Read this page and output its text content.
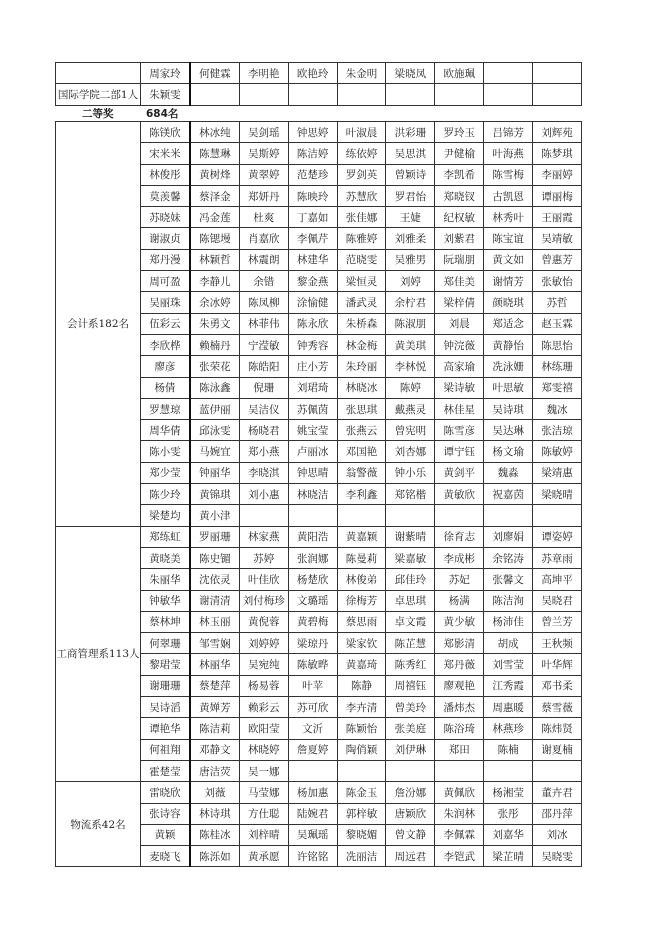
	周家玲	何健霖	李明艳	欧艳玲	朱金明	梁晓凤	欧施珮		
国际学院二部1人	朱颖雯								
二等奖	684名
会计系182名	陈镁欣	林冰纯	吴剑瑶	钟思婷	叶淑晨	洪彩珊	罗玲玉	吕锦芳	刘辉苑
	宋米米	陈慧琳	吴斯婷	陈洁婷	练依婷	吴思淇	尹健榆	叶海燕	陈梦琪
	林俊彤	黄树烽	黄翠婷	范楚珍	罗剑英	曾颖诗	李凯希	陈雪梅	李丽婷
	莫羡馨	蔡泽金	郑妍丹	陈映玲	苏慧欣	罗君怡	郑晓钗	古凯恩	谭丽梅
	苏晓妹	冯金莲	杜爽	丁嘉如	张佳娜	王婕	纪权敏	林秀叶	王丽霞
	谢淑贞	陈锶墁	肖嘉欣	李佩芹	陈雅婷	刘雅柔	刘紫君	陈宝谊	吴靖敏
	郑丹漫	林颖哲	林震朗	林建华	范晓雯	吴雅男	阮瑞朋	黄文如	曾惠芳
	周可盈	李静儿	余错	黎金燕	梁恒灵	刘婷	郑佳美	谢情芳	张敏怡
	吴丽珠	余冰婷	陈凤柳	涂愉健	潘武灵	余柠君	梁梓倩	颜晓琪	苏哲
	伍彩云	朱勇文	林菲伟	陈永欣	朱桥森	陈淑朋	刘晨	郑适念	赵玉霖
	李欣桦	赖楠丹	宁滢敏	钟秀容	林金梅	黄美琪	钟浣薇	黄静怡	陈思怡
	廖彦	张荣花	陈皓阳	庄小芳	朱玲丽	李林悦	高家瑜	冼泳姗	林练珊
	杨倩	陈泳鑫	倪珊	刘珺琦	林晓冰	陈婷	梁诗敏	叶思敏	郑雯禧
	罗慧琼	蓝伊丽	吴洁仪	苏佩茵	张思琪	戴燕灵	林佳星	吴诗琪	魏冰
	周华倩	邱泳雯	杨晓君	姚宝莹	张燕云	曾宪明	陈雪彦	吴达琳	张洁琼
	陈小雯	马婉宜	郑小燕	卢丽冰	邓国艳	刘杏娜	谭宁钰	杨文瑜	陈敏婷
	郑少莹	钟丽华	李晓淇	钟思晴	翁警薇	钟小乐	黄剑平	魏淼	梁靖惠
	陈少玲	黄锦琪	刘小惠	林晓洁	李利鑫	郑铭楷	黄敏欣	祝嘉茵	梁晓晴
	梁楚均	黄小津							
工商管理系113人	郑练虹	罗丽珊	林家燕	黄阳浩	黄嘉颖	谢紫晴	徐育志	刘廖娟	谭姿婷
	黄晓美	陈史镅	苏婷	张润娜	陈曼莉	梁嘉敏	李成彬	余铭涛	苏章雨
	朱丽华	沈依灵	叶佳欣	杨楚欣	林俊弟	邱佳玲	苏妃	张馨文	高坤平
	钟敏华	谢清清	刘付梅珍	文璐瑶	徐梅芳	卓思琪	杨满	陈洁洵	吴晓君
	蔡林坤	林玉丽	黄倪蓉	黄碧梅	蔡思雨	卓文霞	黄少敏	杨沛佳	曾兰芳
	何翠珊	邹雪娴	刘婷婷	梁琼丹	梁家钦	陈芷慧	郑影清	胡成	王秋频
	黎珺莹	林丽华	吴宛纯	陈敏晔	黄嘉琦	陈秀红	郑丹薇	刘雪莹	叶华辉
	谢珊珊	蔡楚萍	杨易蓉	叶苹	陈静	周禧钰	廖观艳	江秀霞	邓书柔
	吴诗滔	黄婵芳	赖彩云	苏可欣	李卉清	曾美玲	潘炜杰	周惠暖	蔡雪薇
	谭艳华	陈洁莉	欧阳莹	文沂	陈颖怡	张美庭	陈浴琦	林燕珍	陈炜贤
	何祖翔	邓静文	林晓婷	詹夏婷	陶俏颖	刘伊琳	郑田	陈楠	谢夏楠
	霍楚莹	唐洁荧	吴一娜						
物流系42名	雷晓欣	刘薇	马莹娜	杨加惠	陈金玉	詹汾娜	黄佩欣	杨湘莹	董卉君
	张诗容	林诗琪	方仕聪	陆婉君	郭梓敏	唐颖欣	朱润林	张彤	邵丹萍
	黄颖	陈桂冰	刘梓晴	吴珮瑶	黎晓媚	曾文静	李佩霖	刘嘉华	刘冰
	麦晓飞	陈泺如	黄承愿	许铭铭	冼丽洁	周远君	李铠武	梁芷晴	吴晓雯
